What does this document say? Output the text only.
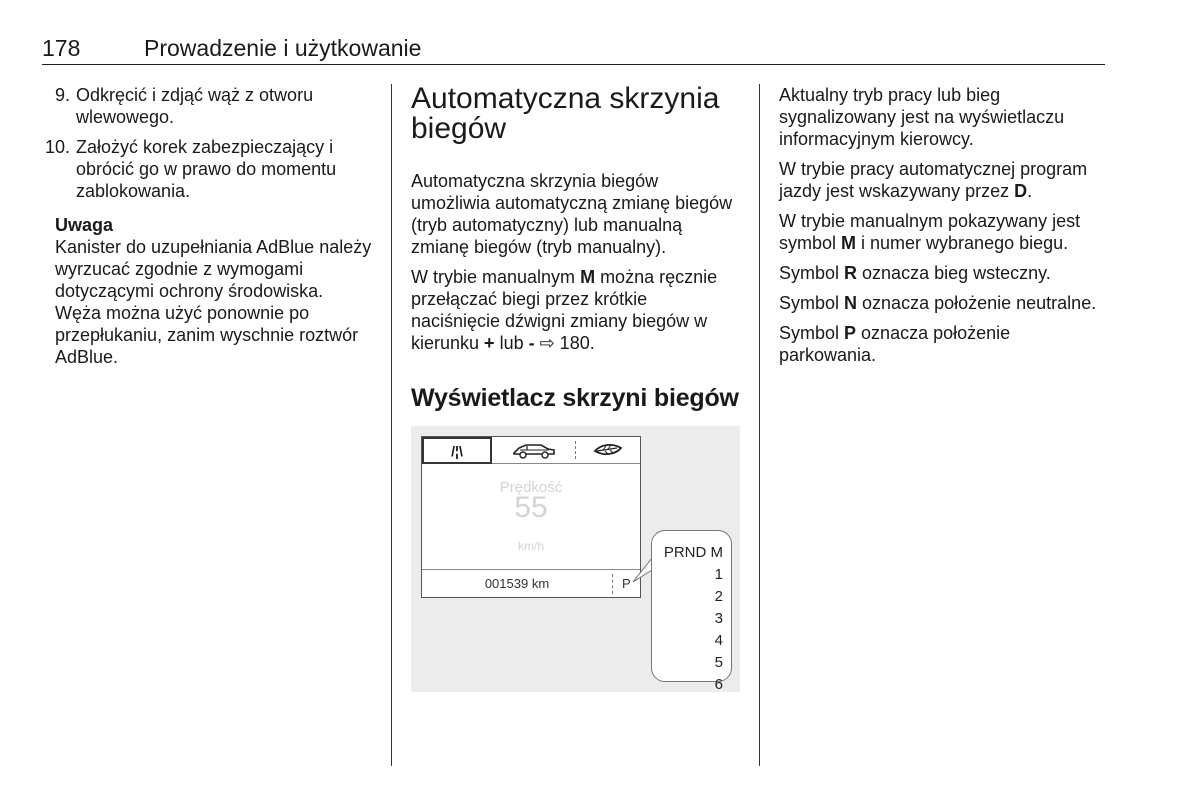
178	Prowadzenie i użytkowanie
9. Odkręcić i zdjąć wąż z otworu wlewowego.
10. Założyć korek zabezpieczający i obrócić go w prawo do momentu zablokowania.
Uwaga
Kanister do uzupełniania AdBlue należy wyrzucać zgodnie z wymogami dotyczącymi ochrony środowiska. Węża można użyć ponownie po przepłukaniu, zanim wyschnie roztwór AdBlue.
Automatyczna skrzynia biegów

Automatyczna skrzynia biegów umożliwia automatyczną zmianę biegów (tryb automatyczny) lub manualną zmianę biegów (tryb manualny).

W trybie manualnym M można ręcznie przełączać biegi przez krótkie naciśnięcie dźwigni zmiany biegów w kierunku + lub - ⇨ 180.

Wyświetlacz skrzyni biegów
/¦\
Prędkość
55
km/h
001539 km	P
PRND M 1
2
3
4
5
6

Aktualny tryb pracy lub bieg sygnalizowany jest na wyświetlaczu informacyjnym kierowcy.

W trybie pracy automatycznej program jazdy jest wskazywany przez D.

W trybie manualnym pokazywany jest symbol M i numer wybranego biegu.

Symbol R oznacza bieg wsteczny.

Symbol N oznacza położenie neutralne.

Symbol P oznacza położenie parkowania.
